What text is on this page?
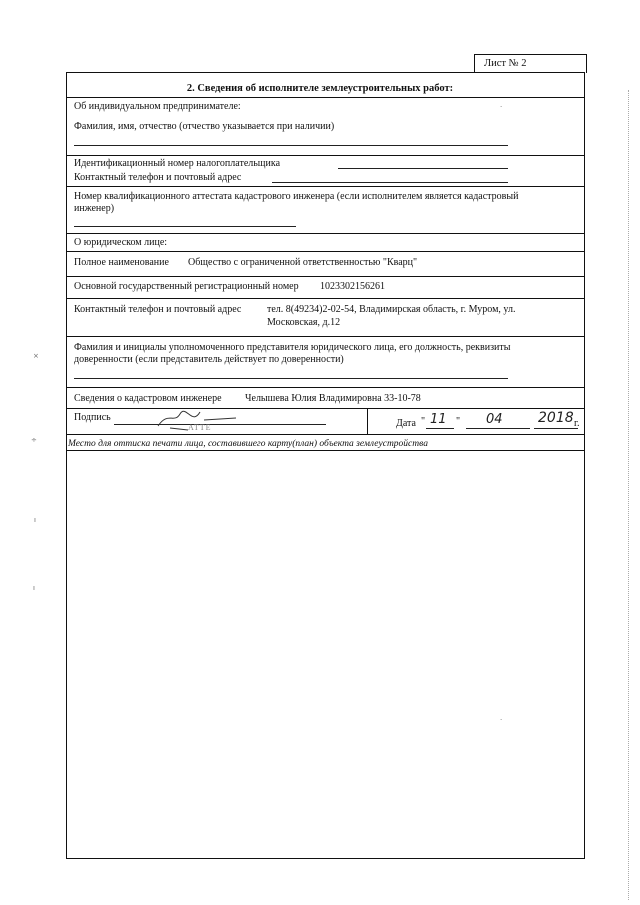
Лист № 2
2. Сведения об исполнителе землеустроительных работ:
Об индивидуальном предпринимателе:
Фамилия, имя, отчество (отчество указывается при наличии)
Идентификационный номер налогоплательщика
Контактный телефон и почтовый адрес
Номер квалификационного аттестата кадастрового инженера (если исполнителем является кадастровый
инженер)
О юридическом лице:
Полное наименование Общество с ограниченной ответственностью "Кварц"
Основной государственный регистрационный номер 1023302156261
Контактный телефон и почтовый адрес	тел. 8(49234)2-02-54, Владимирская область, г. Муром, ул.
Московская, д.12
Фамилия и инициалы уполномоченного представителя юридического лица, его должность, реквизиты
доверенности (если представитель действует по доверенности)
Сведения о кадастровом инженере Челышева Юлия Владимировна 33-10-78
Подпись
ATTE	Дата " 11 " 04	2018 г.
Место для оттиска печати лица, составившего карту(план) объекта землеустройства
×
÷
ı
ı
·
·
